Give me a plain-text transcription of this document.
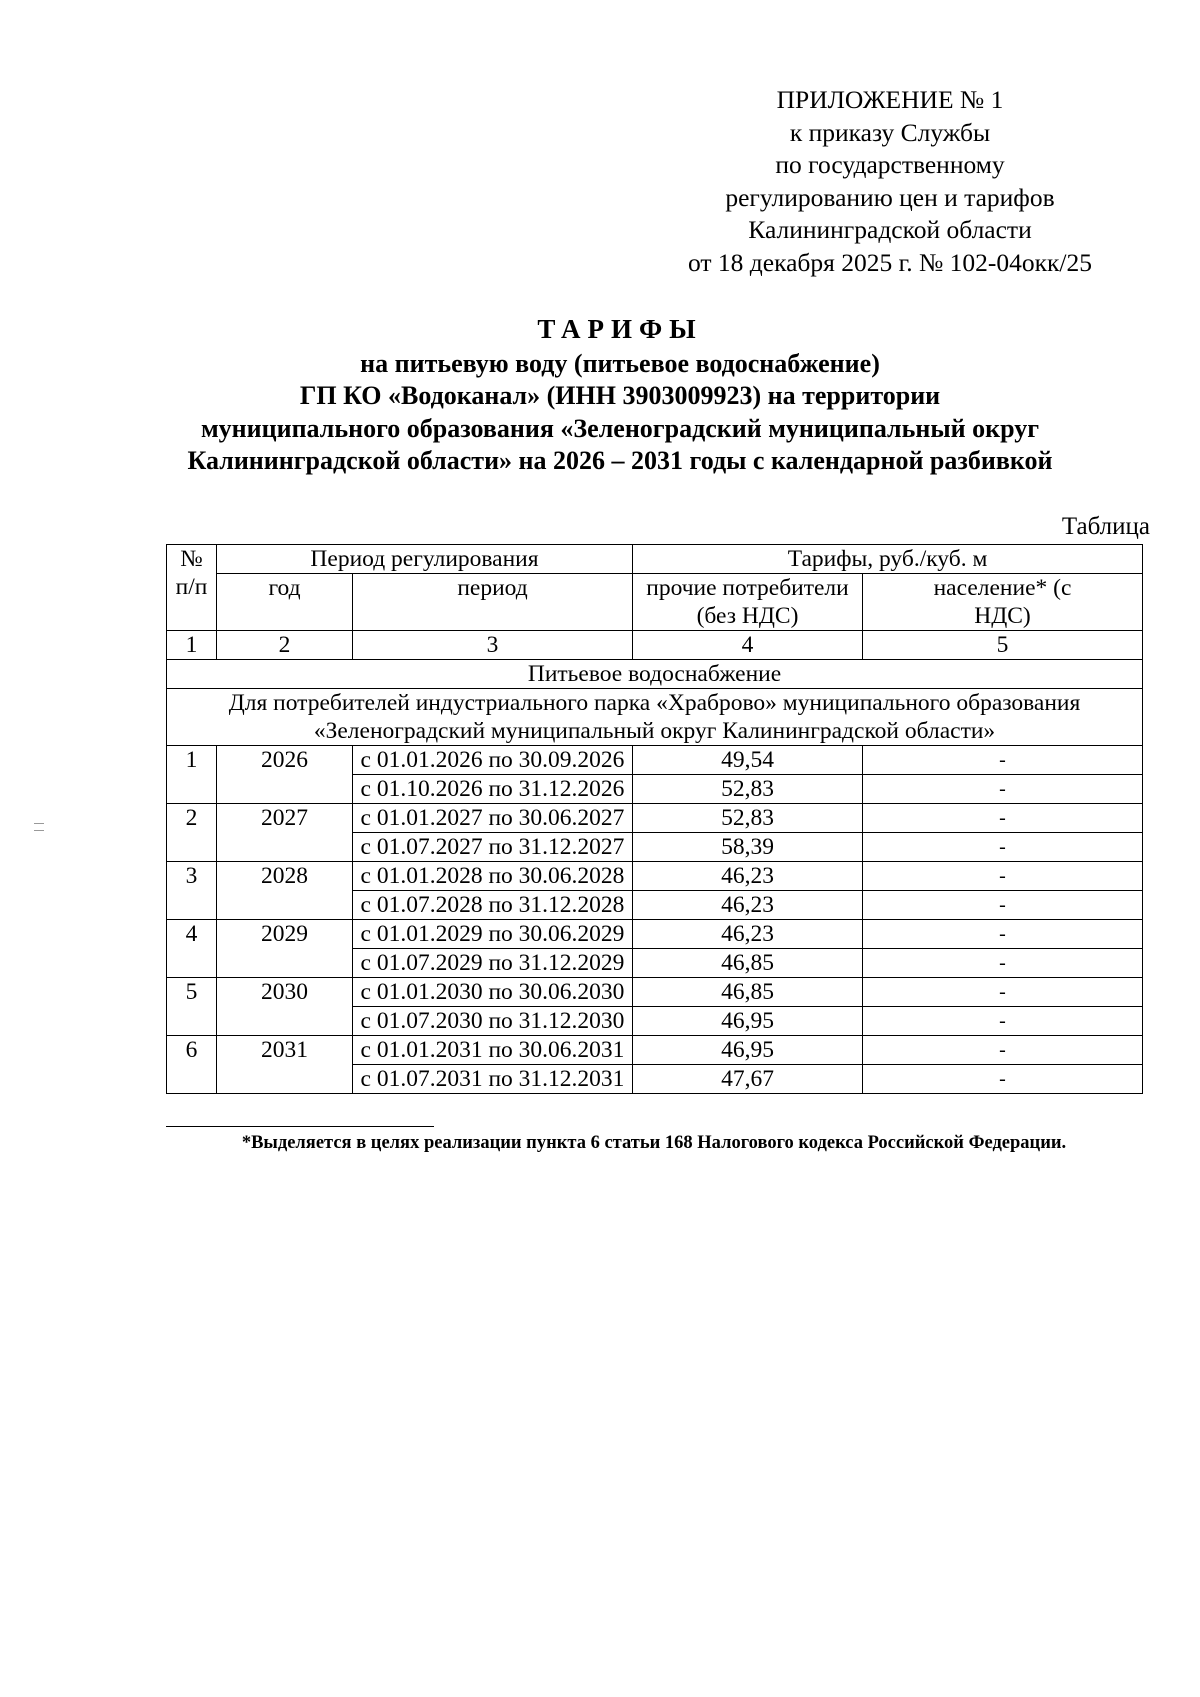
ПРИЛОЖЕНИЕ № 1
к приказу Службы
по государственному
регулированию цен и тарифов
Калининградской области
от 18 декабря 2025 г. № 102-04окк/25
ТАРИФЫ
на питьевую воду (питьевое водоснабжение)
ГП КО «Водоканал» (ИНН 3903009923) на территории
муниципального образования «Зеленоградский муниципальный округ
Калининградской области» на 2026 – 2031 годы с календарной разбивкой
Таблица
№ п/п	Период регулирования		Тарифы, руб./куб. м	
	год	период	прочие потребители (без НДС)	население* (с НДС)
1	2	3	4	5
Питьевое водоснабжение				

Для потребителей индустриального парка «Храброво» муниципального образования
«Зеленоградский муниципальный округ Калининградской области»				

1	2026	с 01.01.2026 по 30.09.2026	49,54	-
		с 01.10.2026 по 31.12.2026	52,83	-
2	2027	с 01.01.2027 по 30.06.2027	52,83	-
		с 01.07.2027 по 31.12.2027	58,39	-
3	2028	с 01.01.2028 по 30.06.2028	46,23	-
		с 01.07.2028 по 31.12.2028	46,23	-
4	2029	с 01.01.2029 по 30.06.2029	46,23	-
		с 01.07.2029 по 31.12.2029	46,85	-
5	2030	с 01.01.2030 по 30.06.2030	46,85	-
		с 01.07.2030 по 31.12.2030	46,95	-
6	2031	с 01.01.2031 по 30.06.2031	46,95	-
		с 01.07.2031 по 31.12.2031	47,67	-
*Выделяется в целях реализации пункта 6 статьи 168 Налогового кодекса Российской Федерации.
